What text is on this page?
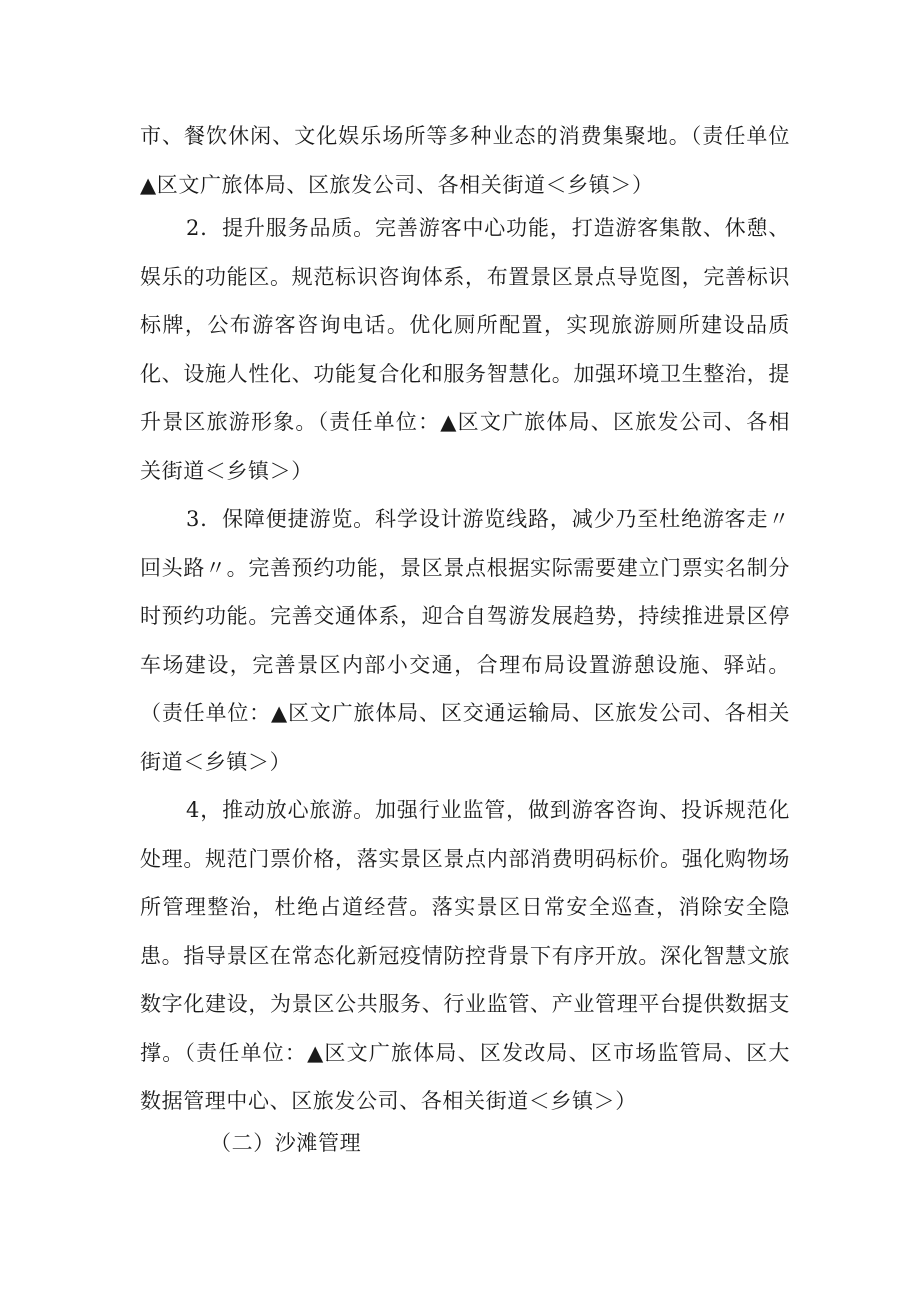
市、餐饮休闲、文化娱乐场所等多种业态的消费集聚地。（责任单位▲区文广旅体局、区旅发公司、各相关街道＜乡镇＞）

2．提升服务品质。完善游客中心功能，打造游客集散、休憩、娱乐的功能区。规范标识咨询体系，布置景区景点导览图，完善标识标牌，公布游客咨询电话。优化厕所配置，实现旅游厕所建设品质化、设施人性化、功能复合化和服务智慧化。加强环境卫生整治，提升景区旅游形象。（责任单位：▲区文广旅体局、区旅发公司、各相关街道＜乡镇＞）

3．保障便捷游览。科学设计游览线路，减少乃至杜绝游客走〃回头路〃。完善预约功能，景区景点根据实际需要建立门票实名制分时预约功能。完善交通体系，迎合自驾游发展趋势，持续推进景区停车场建设，完善景区内部小交通，合理布局设置游憩设施、驿站。（责任单位：▲区文广旅体局、区交通运输局、区旅发公司、各相关街道＜乡镇＞）

4，推动放心旅游。加强行业监管，做到游客咨询、投诉规范化处理。规范门票价格，落实景区景点内部消费明码标价。强化购物场所管理整治，杜绝占道经营。落实景区日常安全巡查，消除安全隐患。指导景区在常态化新冠疫情防控背景下有序开放。深化智慧文旅数字化建设，为景区公共服务、行业监管、产业管理平台提供数据支撑。（责任单位：▲区文广旅体局、区发改局、区市场监管局、区大数据管理中心、区旅发公司、各相关街道＜乡镇＞）

（二）沙滩管理
